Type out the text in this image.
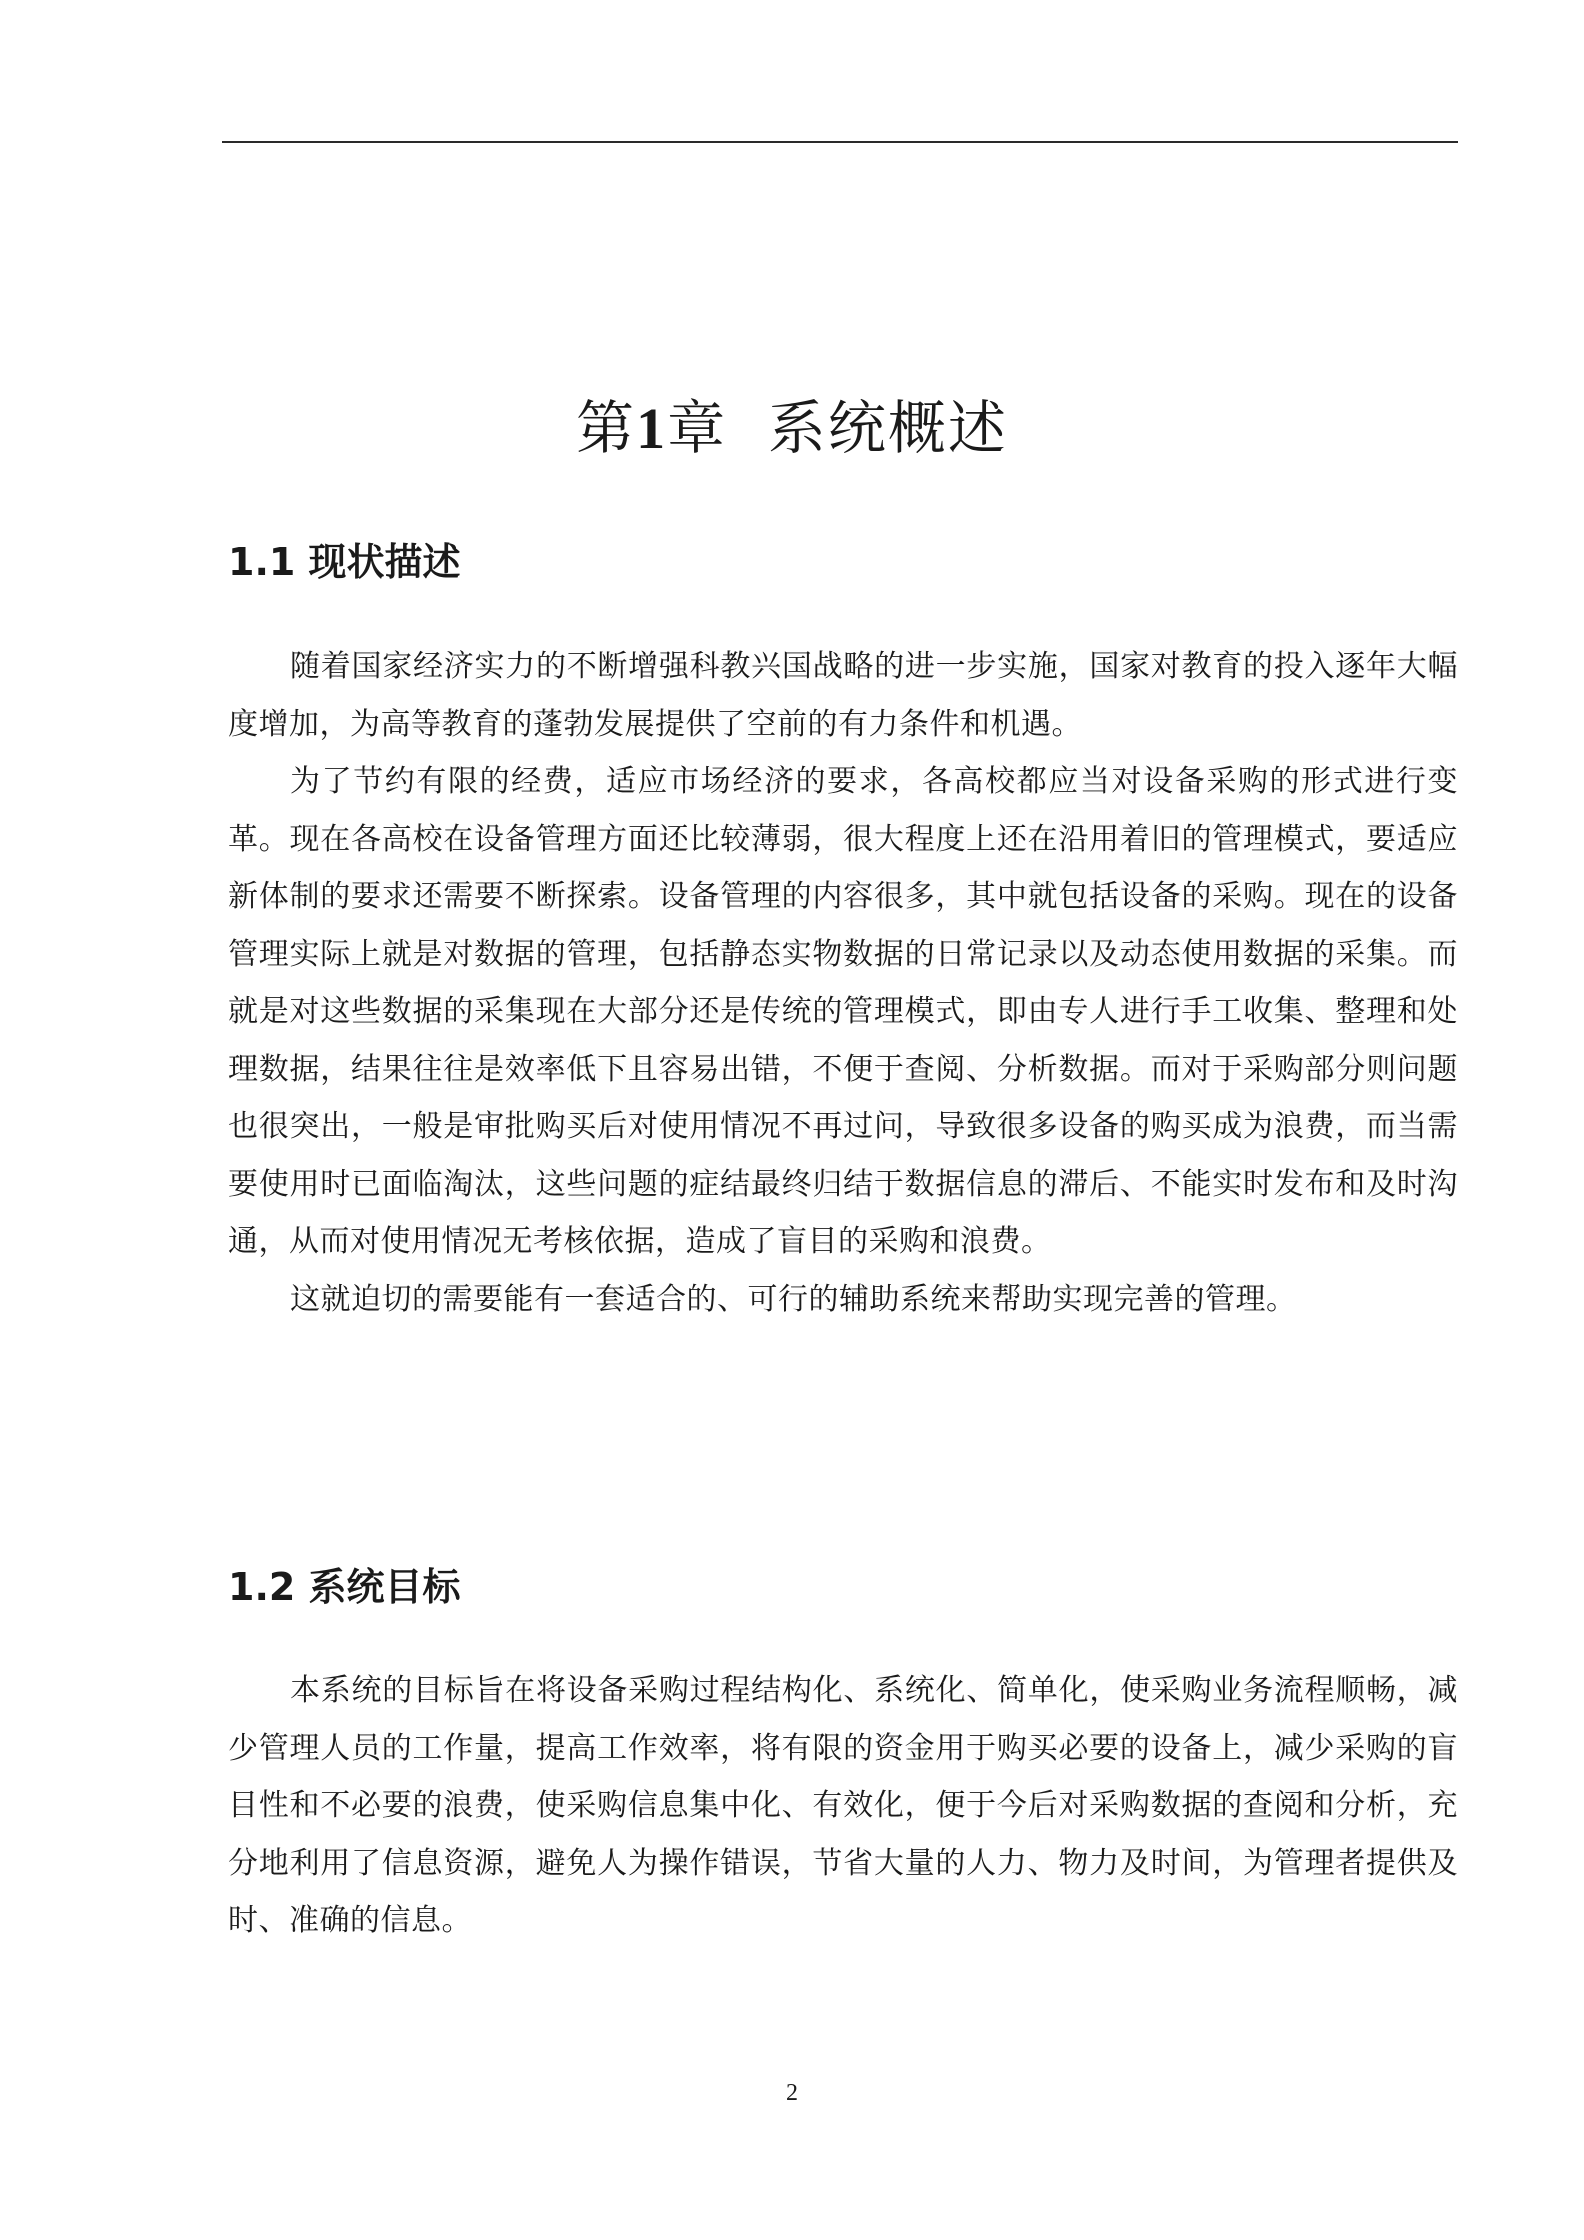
第1章  系统概述
1.1 现状描述

随着国家经济实力的不断增强科教兴国战略的进一步实施，国家对教育的投入逐年大幅度增加，为高等教育的蓬勃发展提供了空前的有力条件和机遇。

为了节约有限的经费，适应市场经济的要求，各高校都应当对设备采购的形式进行变革。现在各高校在设备管理方面还比较薄弱，很大程度上还在沿用着旧的管理模式，要适应新体制的要求还需要不断探索。设备管理的内容很多，其中就包括设备的采购。现在的设备管理实际上就是对数据的管理，包括静态实物数据的日常记录以及动态使用数据的采集。而就是对这些数据的采集现在大部分还是传统的管理模式，即由专人进行手工收集、整理和处理数据，结果往往是效率低下且容易出错，不便于查阅、分析数据。而对于采购部分则问题也很突出，一般是审批购买后对使用情况不再过问，导致很多设备的购买成为浪费，而当需要使用时已面临淘汰，这些问题的症结最终归结于数据信息的滞后、不能实时发布和及时沟通，从而对使用情况无考核依据，造成了盲目的采购和浪费。

这就迫切的需要能有一套适合的、可行的辅助系统来帮助实现完善的管理。

1.2 系统目标

本系统的目标旨在将设备采购过程结构化、系统化、简单化，使采购业务流程顺畅，减少管理人员的工作量，提高工作效率，将有限的资金用于购买必要的设备上，减少采购的盲目性和不必要的浪费，使采购信息集中化、有效化，便于今后对采购数据的查阅和分析，充分地利用了信息资源，避免人为操作错误，节省大量的人力、物力及时间，为管理者提供及时、准确的信息。

2
